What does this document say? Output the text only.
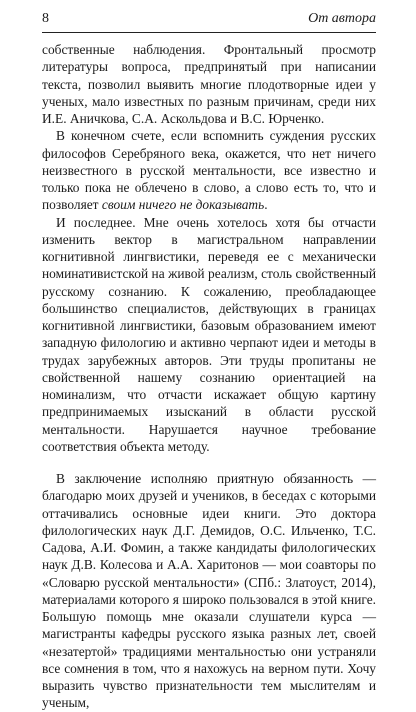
8	От автора

собственные наблюдения. Фронтальный просмотр литературы вопроса, предпринятый при написании текста, позволил выявить многие плодотворные идеи у ученых, мало известных по разным причинам, среди них И.Е. Аничкова, С.А. Аскольдова и В.С. Юрченко.

В конечном счете, если вспомнить суждения русских философов Серебряного века, окажется, что нет ничего неизвестного в русской ментальности, все известно и только пока не облечено в слово, а слово есть то, что и позволяет своим ничего не доказывать.

И последнее. Мне очень хотелось хотя бы отчасти изменить вектор в магистральном направлении когнитивной лингвистики, переведя ее с механически номинативистской на живой реализм, столь свойственный русскому сознанию. К сожалению, преобладающее большинство специалистов, действующих в границах когнитивной лингвистики, базовым образованием имеют западную филологию и активно черпают идеи и методы в трудах зарубежных авторов. Эти труды пропитаны не свойственной нашему сознанию ориентацией на номинализм, что отчасти искажает общую картину предпринимаемых изысканий в области русской ментальности. Нарушается научное требование соответствия объекта методу.

В заключение исполняю приятную обязанность — благодарю моих друзей и учеников, в беседах с которыми оттачивались основные идеи книги. Это доктора филологических наук Д.Г. Демидов, О.С. Ильченко, Т.С. Садова, А.И. Фомин, а также кандидаты филологических наук Д.В. Колесова и А.А. Харитонов — мои соавторы по «Словарю русской ментальности» (СПб.: Златоуст, 2014), материалами которого я широко пользовался в этой книге. Большую помощь мне оказали слушатели курса — магистранты кафедры русского языка разных лет, своей «незатертой» традициями ментальностью они устраняли все сомнения в том, что я нахожусь на верном пути. Хочу выразить чувство признательности тем мыслителям и ученым,
